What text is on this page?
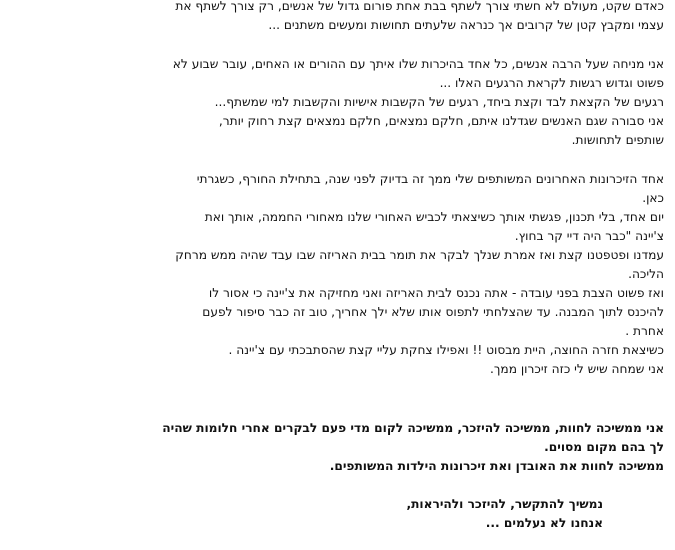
כאדם שקט, מעולם לא חשתי צורך לשתף בבת אחת פורום גדול של אנשים, רק צורך לשתף את
עצמי ומקבץ קטן של קרובים אך כנראה שלעתים תחושות ומעשים משתנים ...
אני מניחה שעל הרבה אנשים, כל אחד בהיכרות שלו איתך עם ההורים או האחים, עובר שבוע לא
פשוט וגדוש רגשות לקראת הרגעים האלו ...
רגעים של הקצאת לבד וקצת ביחד, רגעים של הקשבות אישיות והקשבות למי שמשתף...
אני סבורה שגם האנשים שגדלנו איתם, חלקם נמצאים, חלקם נמצאים קצת רחוק יותר,
שותפים לתחושות.
אחד הזיכרונות האחרונים המשותפים שלי ממך זה בדיוק לפני שנה, בתחילת החורף, כשגרתי
כאן.
יום אחד, בלי תכנון, פגשתי אותך כשיצאתי לכביש האחורי שלנו מאחורי החממה, אותך ואת
צ'יינה "כבר היה דיי קר בחוץ.
עמדנו ופטפטנו קצת ואז אמרת שנלך לבקר את תומר בבית האריזה שבו עבד שהיה ממש מרחק
הליכה.
ואז פשוט הצבת בפני עובדה - אתה נכנס לבית האריזה ואני מחזיקה את צ'יינה כי אסור לו
להיכנס לתוך המבנה. עד שהצלחתי לתפוס אותו שלא ילך אחריך, טוב זה כבר סיפור לפעם
אחרת .
כשיצאת חזרה החוצה, היית מבסוט !! ואפילו צחקת עליי קצת שהסתבכתי עם צ'יינה .
אני שמחה שיש לי כזה זיכרון ממך.
אני ממשיכה לחוות, ממשיכה להיזכר, ממשיכה לקום מדי פעם לבקרים אחרי חלומות שהיה
לך בהם מקום מסוים.
ממשיכה לחוות את האובדן ואת זיכרונות הילדות המשותפים.
נמשיך להתקשר, להיזכר ולהיראות,
אנחנו לא נעלמים ...
